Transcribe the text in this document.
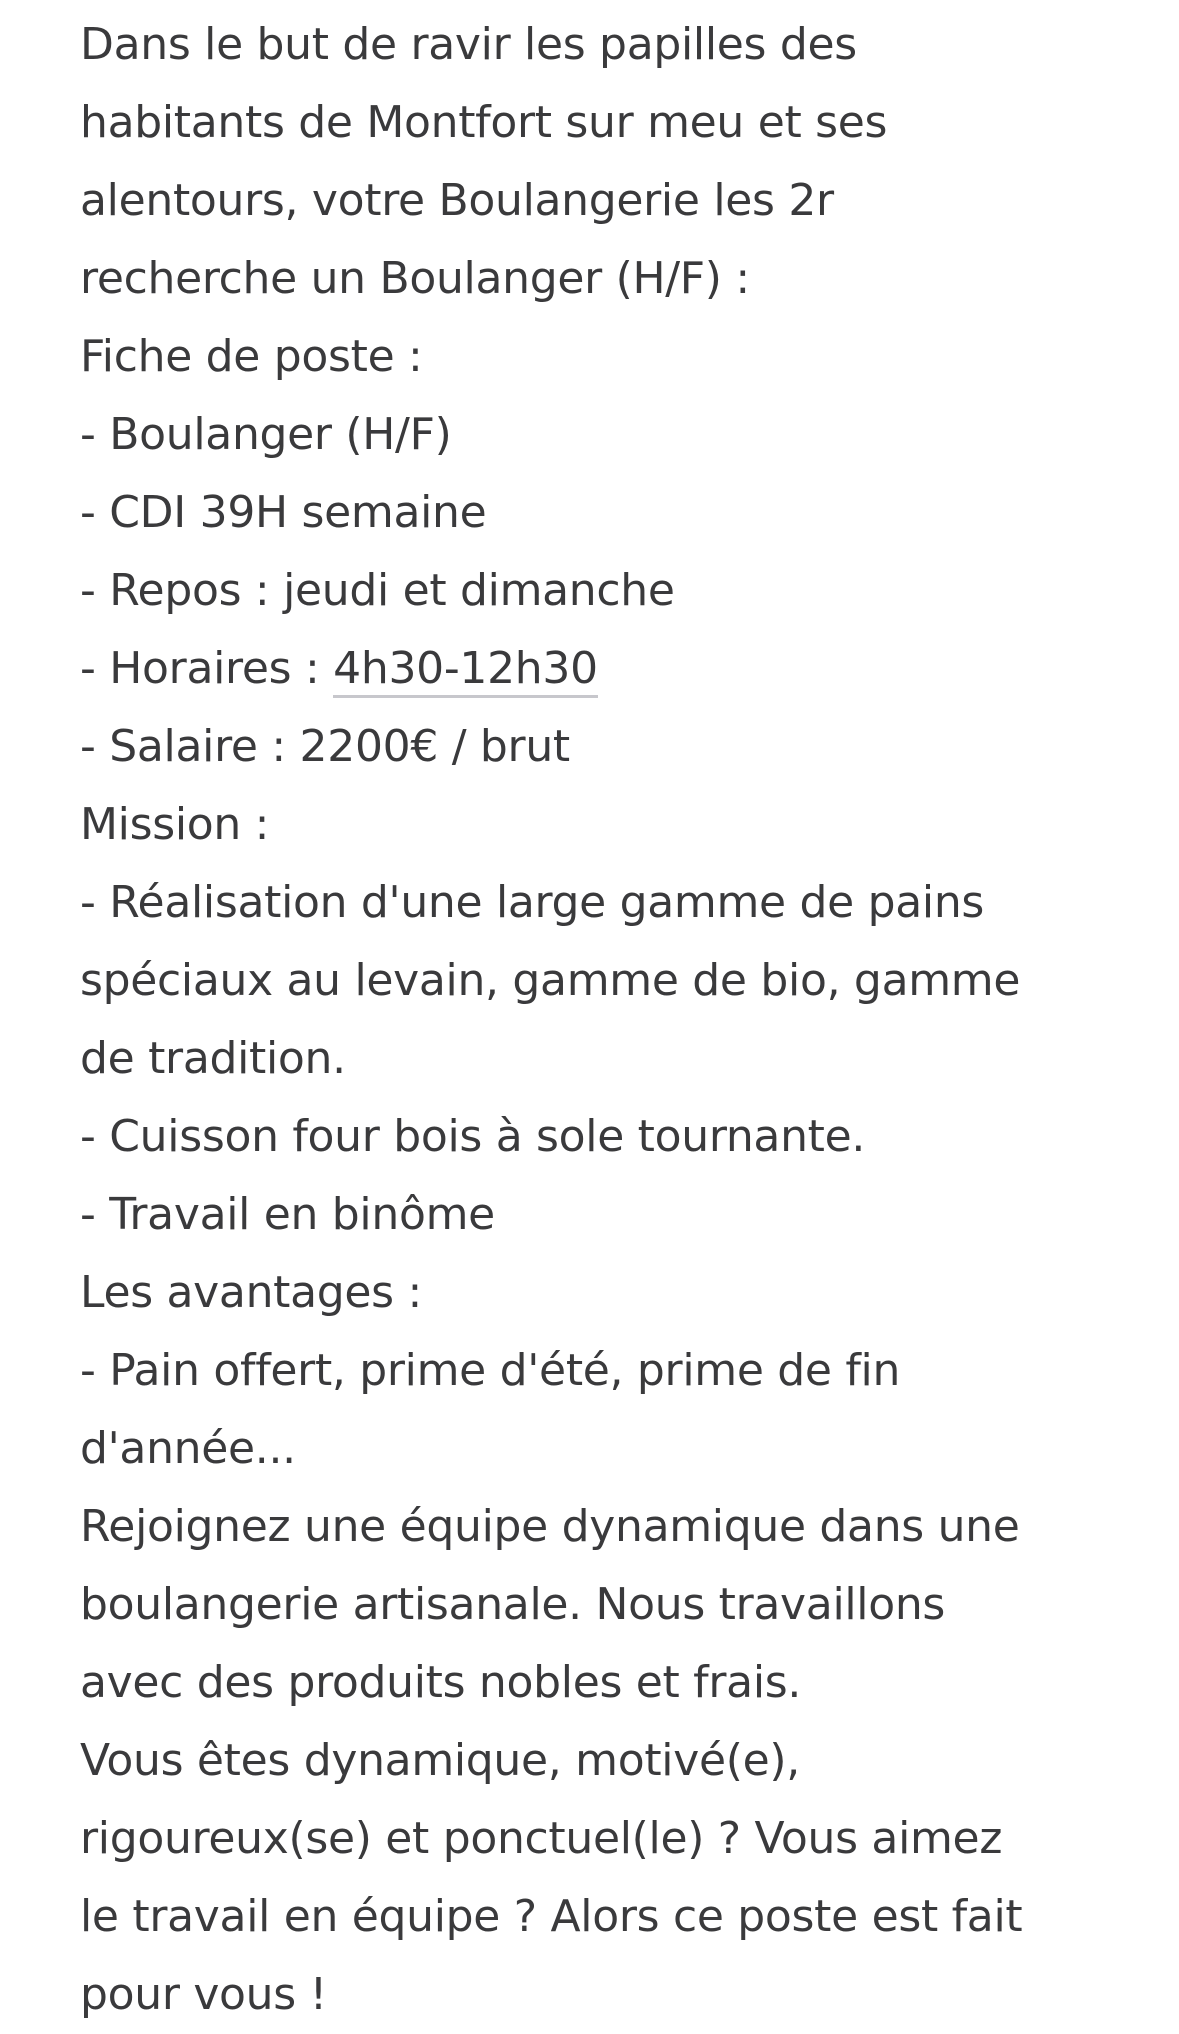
Dans le but de ravir les papilles des
habitants de Montfort sur meu et ses
alentours, votre Boulangerie les 2r
recherche un Boulanger (H/F) :
Fiche de poste :
- Boulanger (H/F)
- CDI 39H semaine
- Repos : jeudi et dimanche
- Horaires : 4h30-12h30
- Salaire : 2200€ / brut
Mission :
- Réalisation d'une large gamme de pains
spéciaux au levain, gamme de bio, gamme
de tradition.
- Cuisson four bois à sole tournante.
- Travail en binôme
Les avantages :
- Pain offert, prime d'été, prime de fin
d'année...
Rejoignez une équipe dynamique dans une
boulangerie artisanale. Nous travaillons
avec des produits nobles et frais.
Vous êtes dynamique, motivé(e),
rigoureux(se) et ponctuel(le) ? Vous aimez
le travail en équipe ? Alors ce poste est fait
pour vous !
